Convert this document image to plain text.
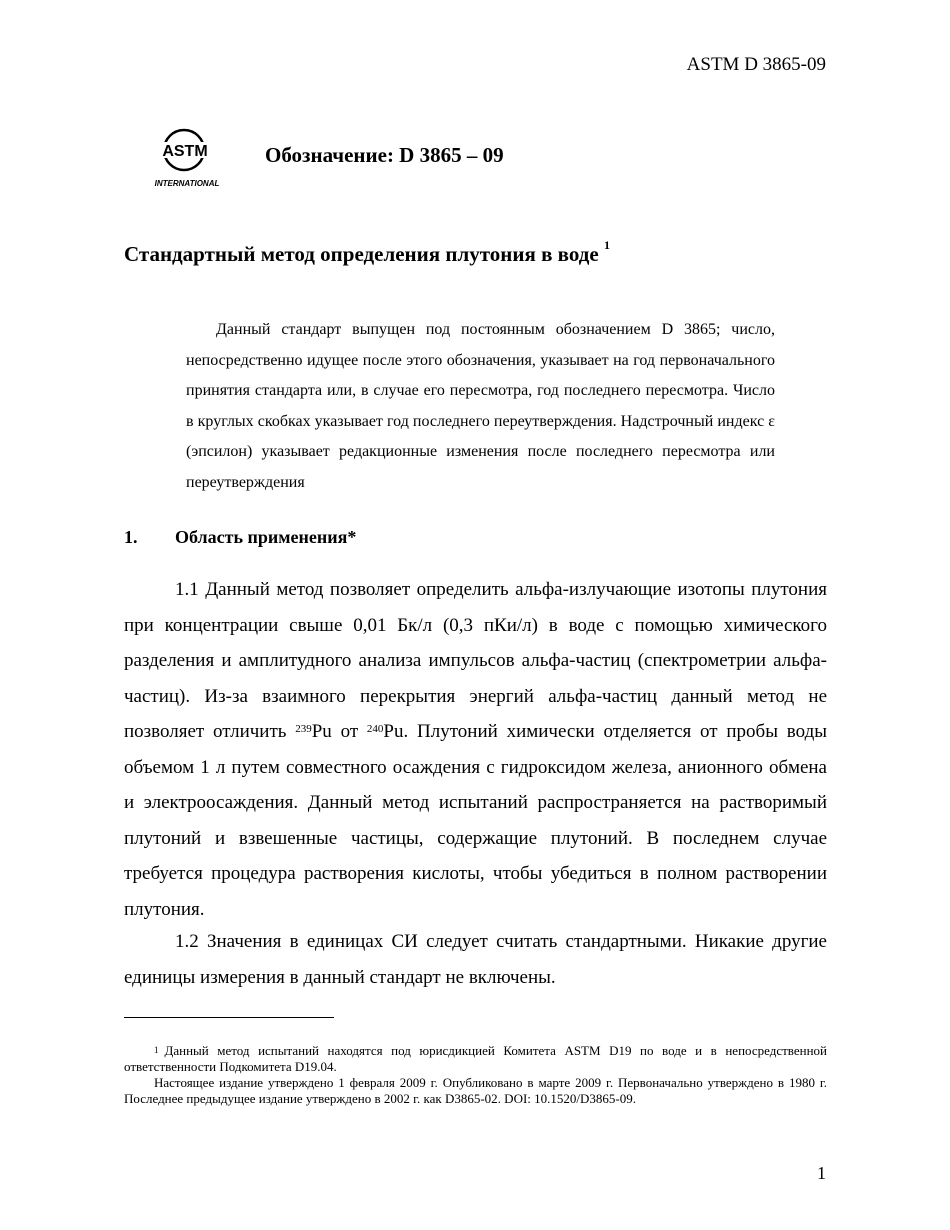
ASTM D 3865-09
ASTM
INTERNATIONAL
Обозначение: D 3865 – 09
Стандартный метод определения плутония в воде $^1$
Данный стандарт выпущен под постоянным обозначением D 3865; число, непосредственно идущее после этого обозначения, указывает на год первоначального принятия стандарта или, в случае его пересмотра, год последнего пересмотра. Число в круглых скобках указывает год последнего переутверждения. Надстрочный индекс ε (эпсилон) указывает редакционные изменения после последнего пересмотра или переутверждения
1. Область применения*
1.1 Данный метод позволяет определить альфа-излучающие изотопы плутония при концентрации свыше 0,01 Бк/л (0,3 пКи/л) в воде с помощью химического разделения и амплитудного анализа импульсов альфа-частиц (спектрометрии альфа-частиц). Из-за взаимного перекрытия энергий альфа-частиц данный метод не позволяет отличить $^{239}$Pu от $^{240}$Pu. Плутоний химически отделяется от пробы воды объемом 1 л путем совместного осаждения с гидроксидом железа, анионного обмена и электроосаждения. Данный метод испытаний распространяется на растворимый плутоний и взвешенные частицы, содержащие плутоний. В последнем случае требуется процедура растворения кислоты, чтобы убедиться в полном растворении плутония.
1.2 Значения в единицах СИ следует считать стандартными. Никакие другие единицы измерения в данный стандарт не включены.

$^1$ Данный метод испытаний находятся под юрисдикцией Комитета ASTM D19 по воде и в непосредственной ответственности Подкомитета D19.04.

Настоящее издание утверждено 1 февраля 2009 г. Опубликовано в марте 2009 г. Первоначально утверждено в 1980 г. Последнее предыдущее издание утверждено в 2002 г. как D3865-02. DOI: 10.1520/D3865-09.

1
